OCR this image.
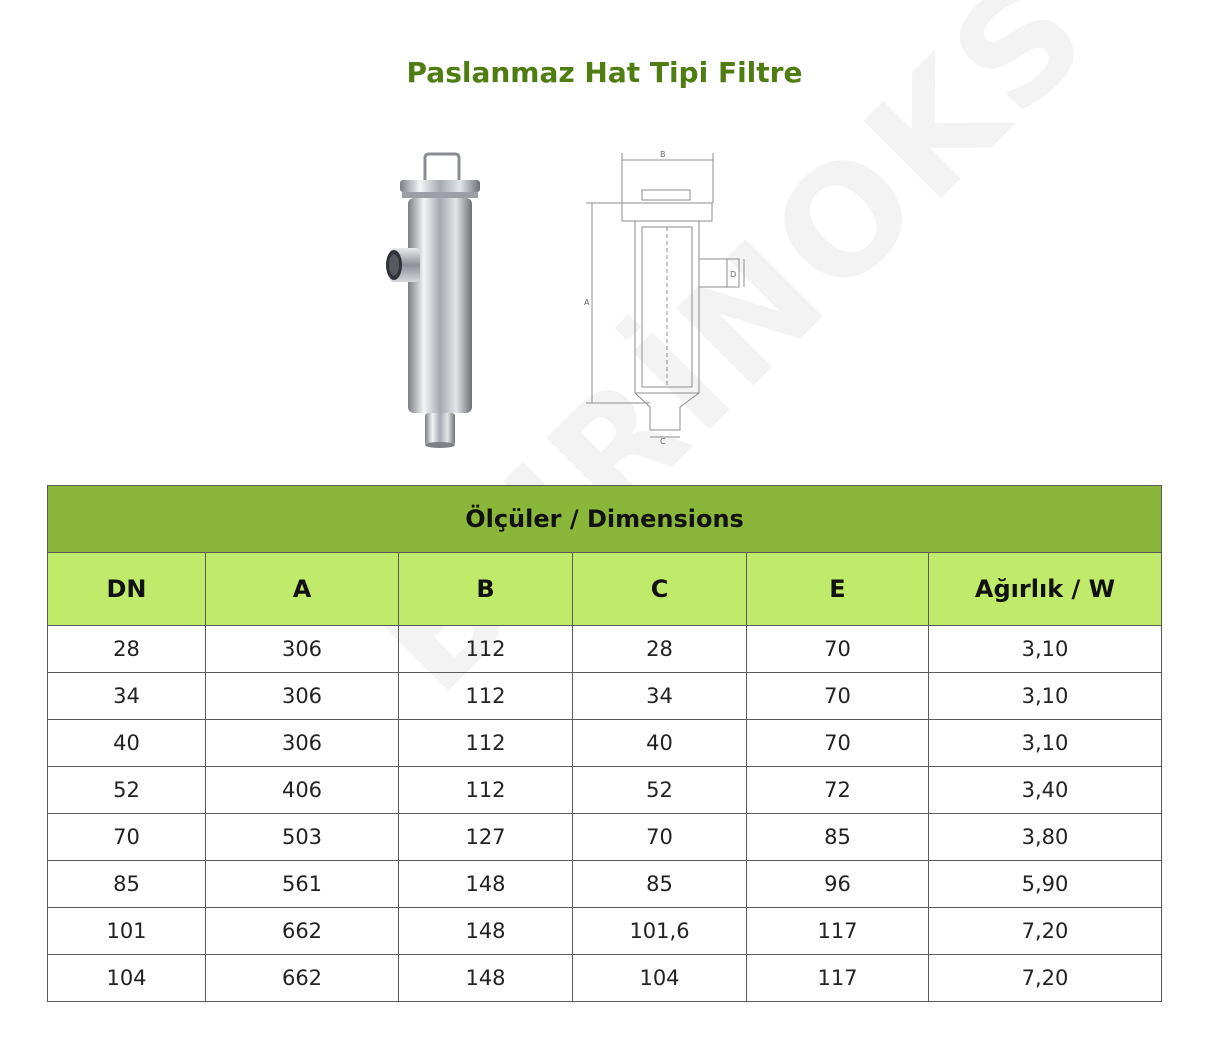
Paslanmaz Hat Tipi Filtre
B
A
D
C
Ölçüler / Dimensions					
DN	A	B	C	E	Ağırlık / W
28	306	112	28	70	3,10
34	306	112	34	70	3,10
40	306	112	40	70	3,10
52	406	112	52	72	3,40
70	503	127	70	85	3,80
85	561	148	85	96	5,90
101	662	148	101,6	117	7,20
104	662	148	104	117	7,20
